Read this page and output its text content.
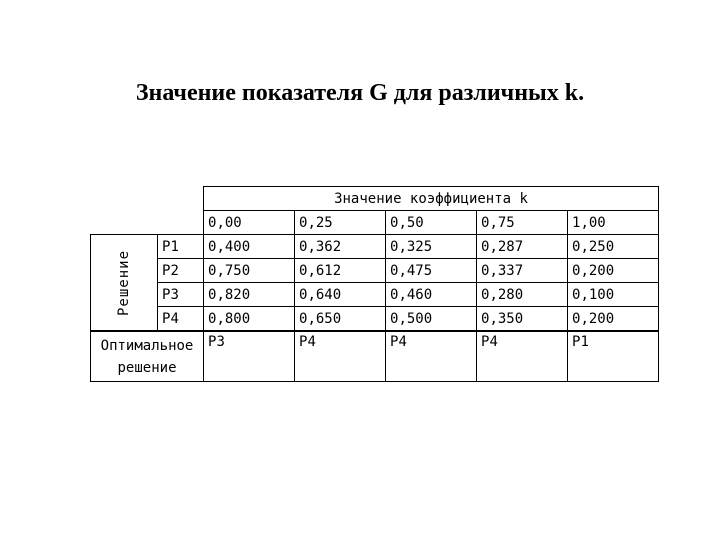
Значение показателя G для различных k.
		Значение коэффициента k				
		0,00	0,25	0,50	0,75	1,00
Решение	P1	0,400	0,362	0,325	0,287	0,250
	P2	0,750	0,612	0,475	0,337	0,200
	P3	0,820	0,640	0,460	0,280	0,100
	P4	0,800	0,650	0,500	0,350	0,200
Оптимальное решение		P3	P4	P4	P4	P1
